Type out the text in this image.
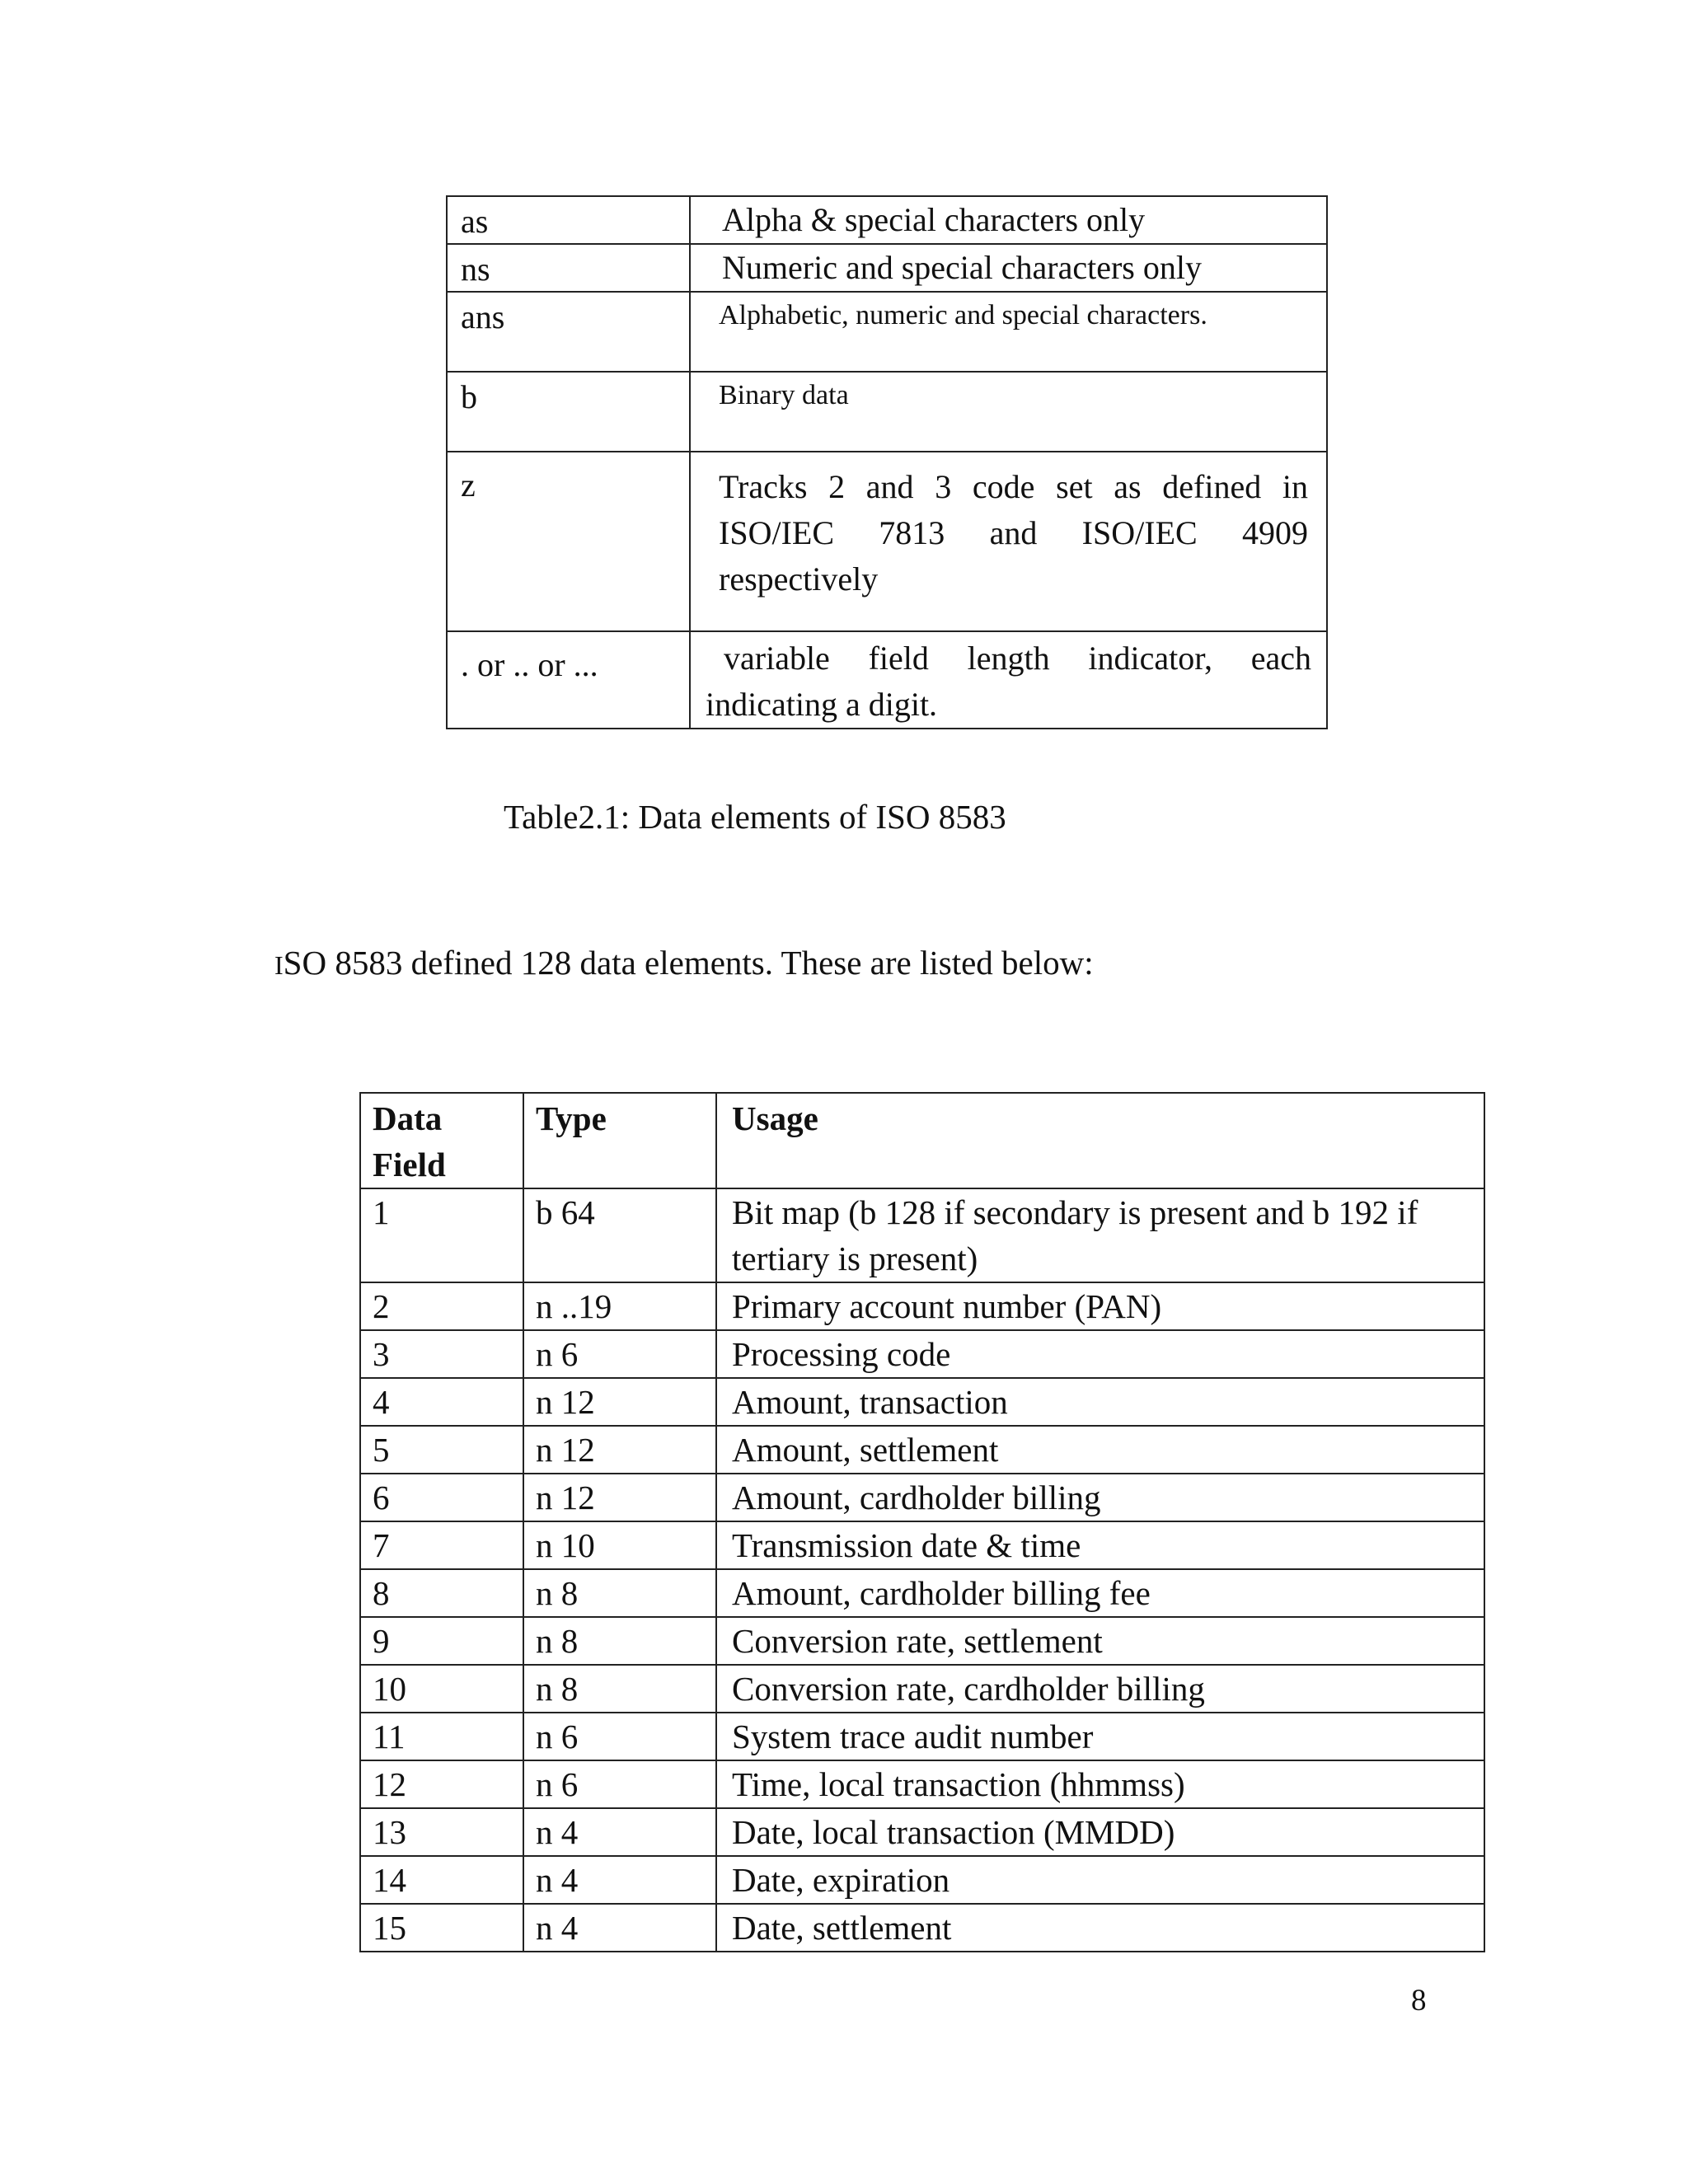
as	Alpha & special characters only
ns	Numeric and special characters only
ans	Alphabetic, numeric and special characters.
b	Binary data
z	Tracks 2 and 3 code set as defined in ISO/IEC 7813 and ISO/IEC 4909 respectively
. or .. or ...	variable field length indicator, each indicating a digit.
Table2.1: Data elements of ISO 8583
ISO 8583 defined 128 data elements. These are listed below:
Data
Field	Type	Usage
1	b 64	Bit map (b 128 if secondary is present and b 192 if tertiary is present)
2	n ..19	Primary account number (PAN)
3	n 6	Processing code
4	n 12	Amount, transaction
5	n 12	Amount, settlement
6	n 12	Amount, cardholder billing
7	n 10	Transmission date & time
8	n 8	Amount, cardholder billing fee
9	n 8	Conversion rate, settlement
10	n 8	Conversion rate, cardholder billing
11	n 6	System trace audit number
12	n 6	Time, local transaction (hhmmss)
13	n 4	Date, local transaction (MMDD)
14	n 4	Date, expiration
15	n 4	Date, settlement
8
